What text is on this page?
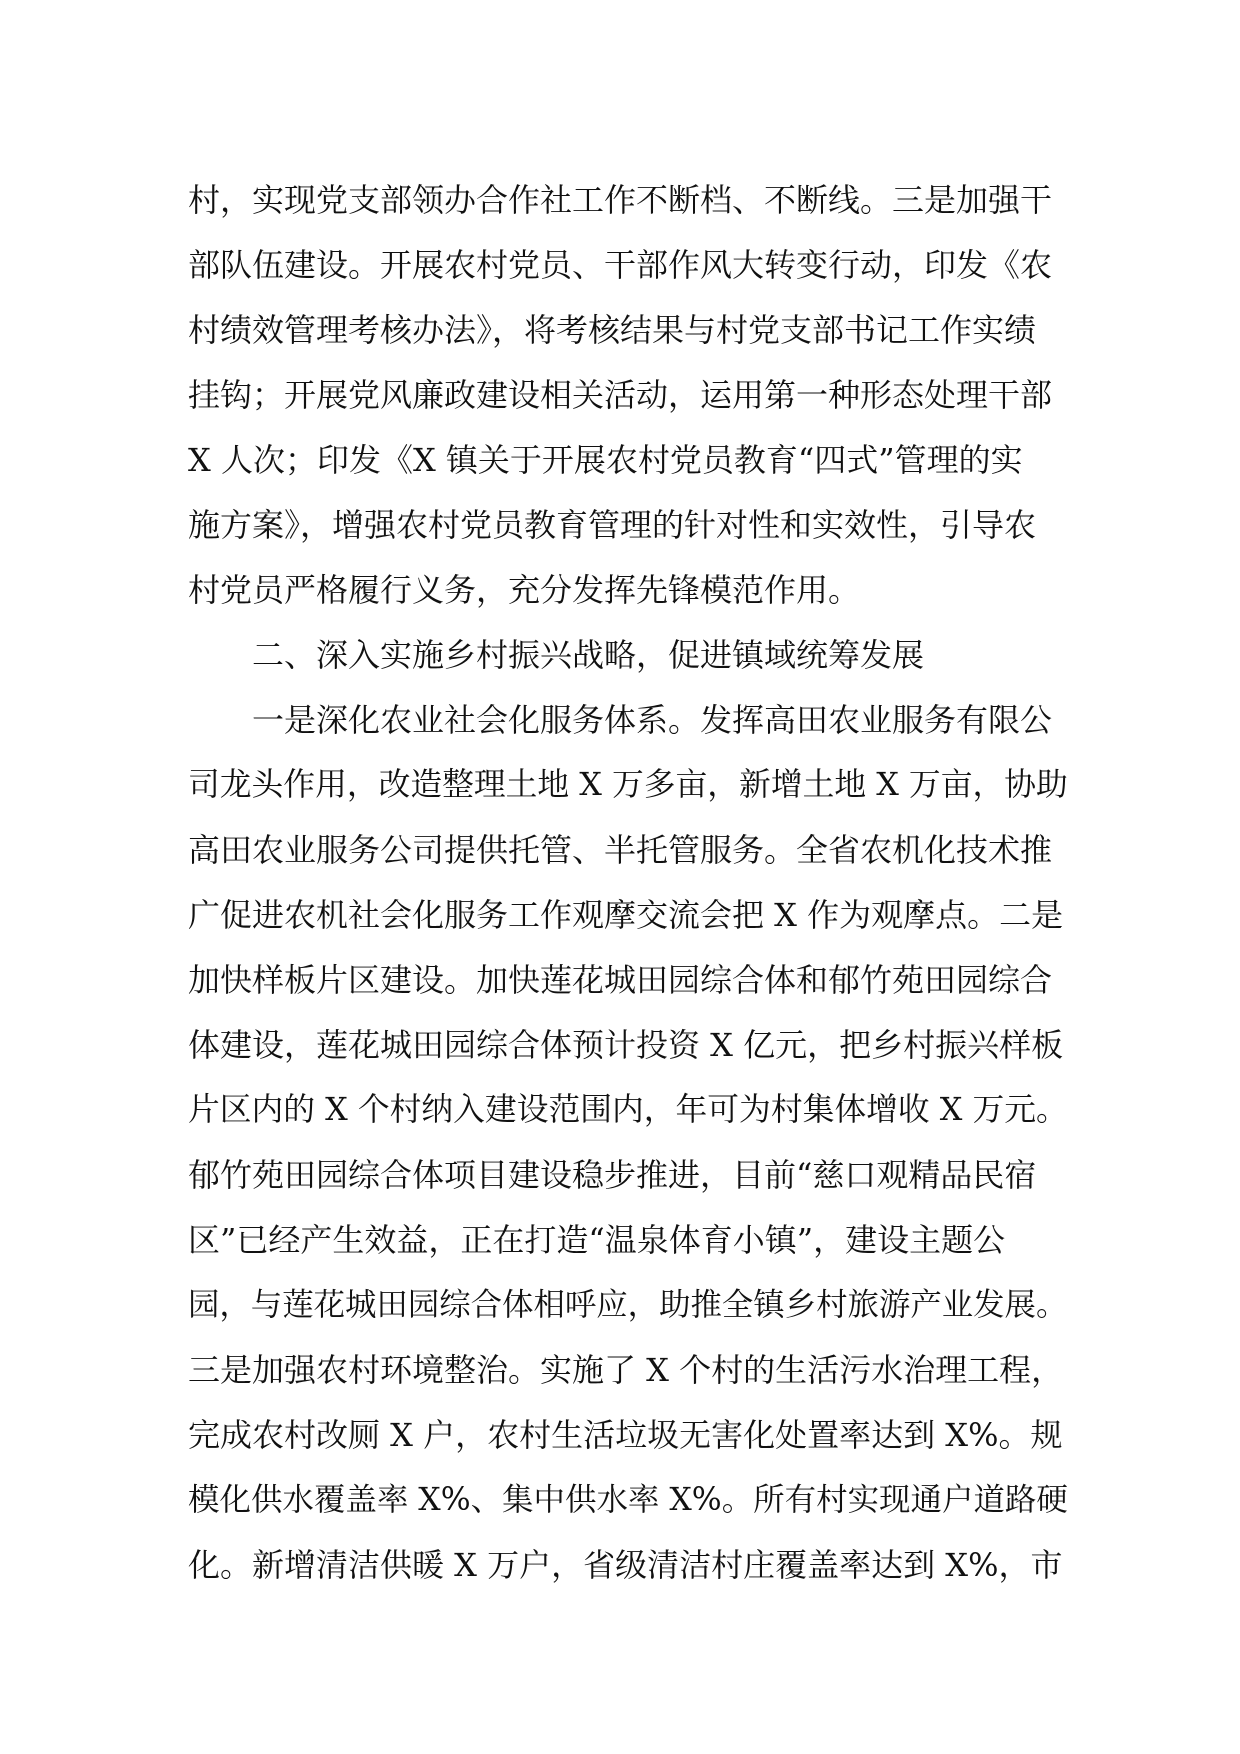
村，实现党支部领办合作社工作不断档、不断线。三是加强干
部队伍建设。开展农村党员、干部作风大转变行动，印发《农
村绩效管理考核办法》，将考核结果与村党支部书记工作实绩
挂钩；开展党风廉政建设相关活动，运用第一种形态处理干部
X 人次；印发《X 镇关于开展农村党员教育“四式”管理的实
施方案》，增强农村党员教育管理的针对性和实效性，引导农
村党员严格履行义务，充分发挥先锋模范作用。
二、深入实施乡村振兴战略，促进镇域统筹发展
一是深化农业社会化服务体系。发挥高田农业服务有限公
司龙头作用，改造整理土地 X 万多亩，新增土地 X 万亩，协助
高田农业服务公司提供托管、半托管服务。全省农机化技术推
广促进农机社会化服务工作观摩交流会把 X 作为观摩点。二是
加快样板片区建设。加快莲花城田园综合体和郁竹苑田园综合
体建设，莲花城田园综合体预计投资 X 亿元，把乡村振兴样板
片区内的 X 个村纳入建设范围内，年可为村集体增收 X 万元。
郁竹苑田园综合体项目建设稳步推进，目前“慈口观精品民宿
区”已经产生效益，正在打造“温泉体育小镇”，建设主题公
园，与莲花城田园综合体相呼应，助推全镇乡村旅游产业发展。
三是加强农村环境整治。实施了 X 个村的生活污水治理工程，
完成农村改厕 X 户，农村生活垃圾无害化处置率达到 X%。规
模化供水覆盖率 X%、集中供水率 X%。所有村实现通户道路硬
化。新增清洁供暖 X 万户，省级清洁村庄覆盖率达到 X%，市
